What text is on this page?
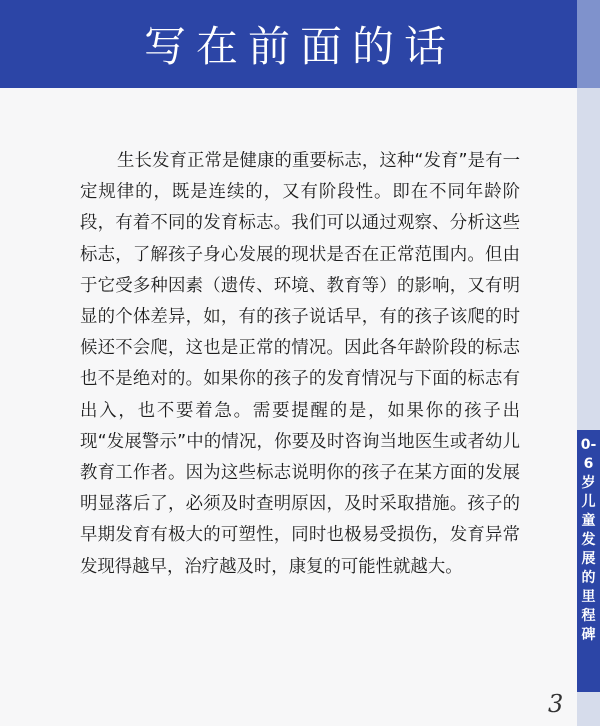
写在前面的话
0-6岁儿童发展的里程碑

生长发育正常是健康的重要标志，这种“发育”是有一定规律的，既是连续的，又有阶段性。即在不同年龄阶段，有着不同的发育标志。我们可以通过观察、分析这些标志，了解孩子身心发展的现状是否在正常范围内。但由于它受多种因素（遗传、环境、教育等）的影响，又有明显的个体差异，如，有的孩子说话早，有的孩子该爬的时候还不会爬，这也是正常的情况。因此各年龄阶段的标志也不是绝对的。如果你的孩子的发育情况与下面的标志有出入，也不要着急。需要提醒的是，如果你的孩子出现“发展警示”中的情况，你要及时咨询当地医生或者幼儿教育工作者。因为这些标志说明你的孩子在某方面的发展明显落后了，必须及时查明原因，及时采取措施。孩子的早期发育有极大的可塑性，同时也极易受损伤，发育异常发现得越早，治疗越及时，康复的可能性就越大。

3
